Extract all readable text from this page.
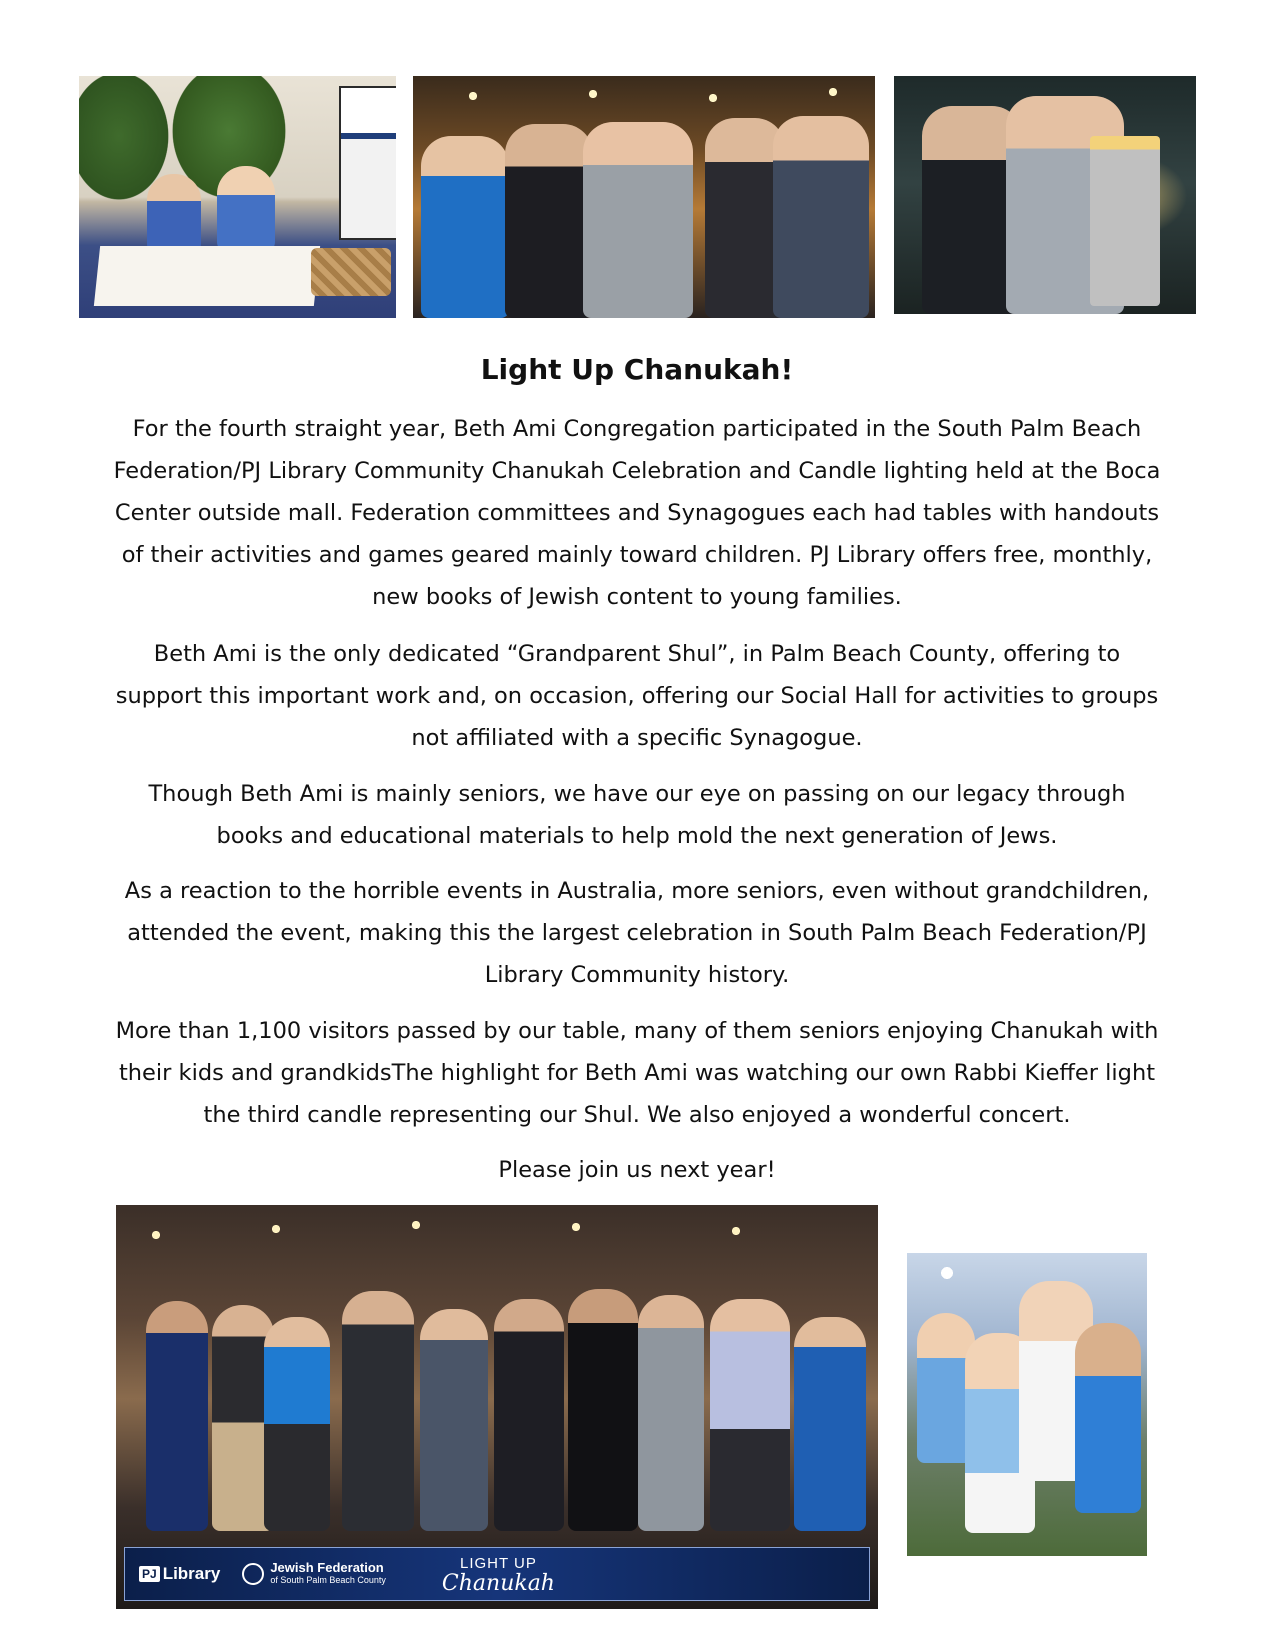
Light Up Chanukah!

For the fourth straight year, Beth Ami Congregation participated in the South Palm Beach
Federation/PJ Library Community Chanukah Celebration and Candle lighting held at the Boca
Center outside mall. Federation committees and Synagogues each had tables with handouts
of their activities and games geared mainly toward children. PJ Library offers free, monthly,
new books of Jewish content to young families.

Beth Ami is the only dedicated “Grandparent Shul”, in Palm Beach County, offering to
support this important work and, on occasion, offering our Social Hall for activities to groups
not affiliated with a specific Synagogue.

Though Beth Ami is mainly seniors, we have our eye on passing on our legacy through
books and educational materials to help mold the next generation of Jews.

As a reaction to the horrible events in Australia, more seniors, even without grandchildren,
attended the event, making this the largest celebration in South Palm Beach Federation/PJ
Library Community history.

More than 1,100 visitors passed by our table, many of them seniors enjoying Chanukah with
their kids and grandkidsThe highlight for Beth Ami was watching our own Rabbi Kieffer light
the third candle representing our Shul. We also enjoyed a wonderful concert.

Please join us next year!

PJ Library	Jewish Federation
of South Palm Beach County
LIGHT UP
Chanukah
